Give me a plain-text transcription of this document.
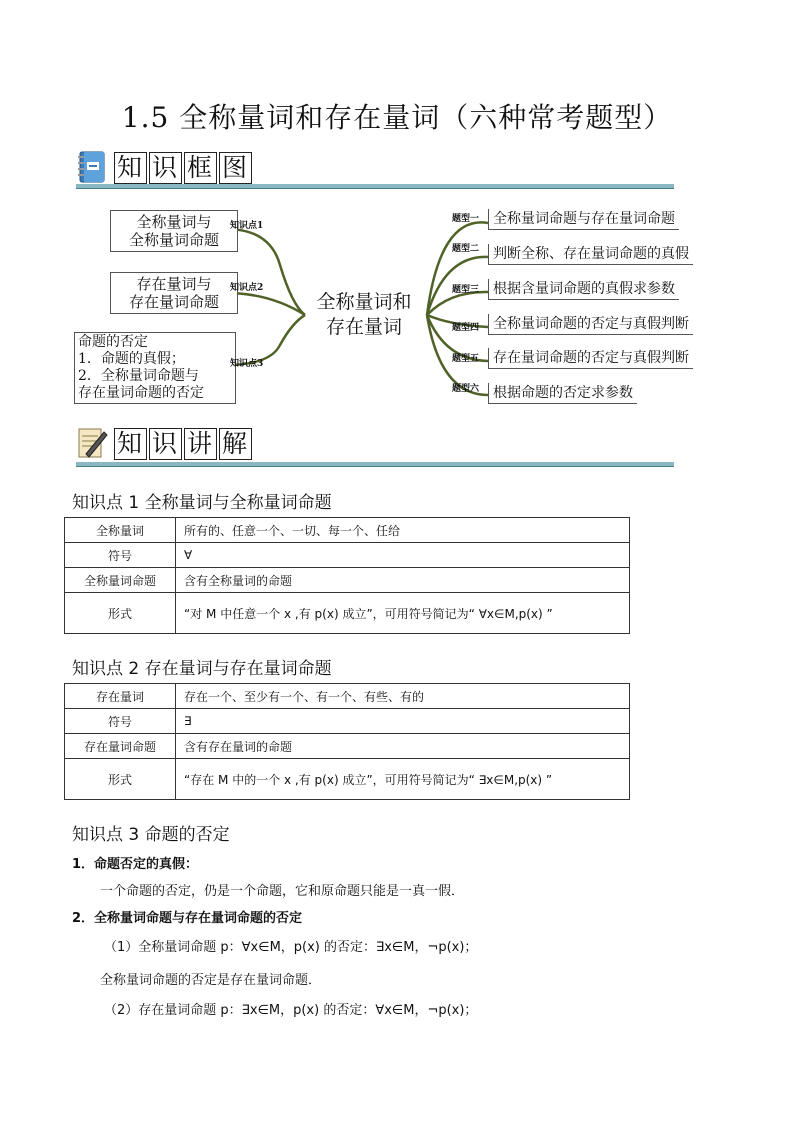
1.5 全称量词和存在量词（六种常考题型）
知 识 框 图
全称量词与
全称量词命题
知识点1
存在量词与
存在量词命题
知识点2
命题的否定
1．命题的真假；
2．全称量词命题与
存在量词命题的否定
知识点3
全称量词和
存在量词
题型一 全称量词命题与存在量词命题
题型二 判断全称、存在量词命题的真假
题型三 根据含量词命题的真假求参数
题型四 全称量词命题的否定与真假判断
题型五 存在量词命题的否定与真假判断
题型六 根据命题的否定求参数
知 识 讲 解
知识点 1 全称量词与全称量词命题
全称量词	所有的、任意一个、一切、每一个、任给
符号	∀
全称量词命题	含有全称量词的命题
形式	“对 M 中任意一个 x ,有 p(x) 成立”，可用符号简记为“ ∀x∈M,p(x) ”
知识点 2 存在量词与存在量词命题
存在量词	存在一个、至少有一个、有一个、有些、有的
符号	∃
存在量词命题	含有存在量词的命题
形式	“存在 M 中的一个 x ,有 p(x) 成立”，可用符号简记为“ ∃x∈M,p(x) ”
知识点 3 命题的否定
1．命题否定的真假：
一个命题的否定，仍是一个命题，它和原命题只能是一真一假．
2．全称量词命题与存在量词命题的否定
（1）全称量词命题 p：∀x∈M，p(x) 的否定：∃x∈M，¬p(x)；
全称量词命题的否定是存在量词命题．
（2）存在量词命题 p：∃x∈M，p(x) 的否定：∀x∈M，¬p(x)；
